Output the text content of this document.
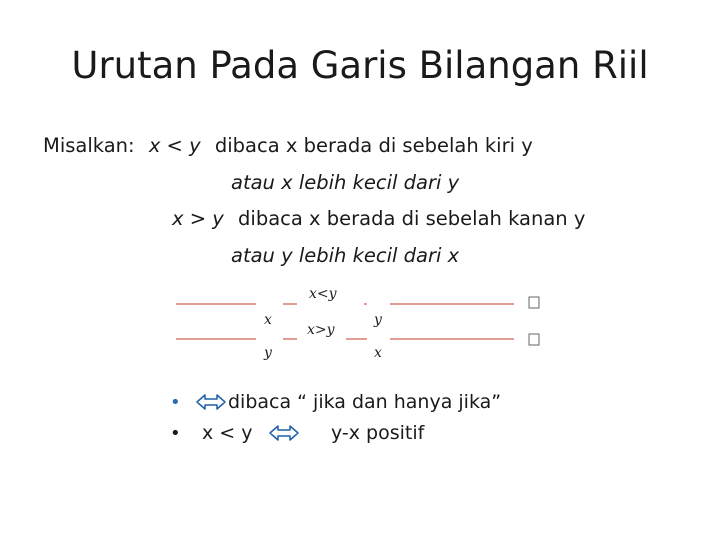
Urutan Pada Garis Bilangan Riil
Misalkan: x < y dibaca x berada di sebelah kiri y
atau x lebih kecil dari y
x > y dibaca x berada di sebelah kanan y
atau y lebih kecil dari x
x<y
x	y
x>y
y	x
• dibaca “ jika dan hanya jika”
• x < y	y-x positif
